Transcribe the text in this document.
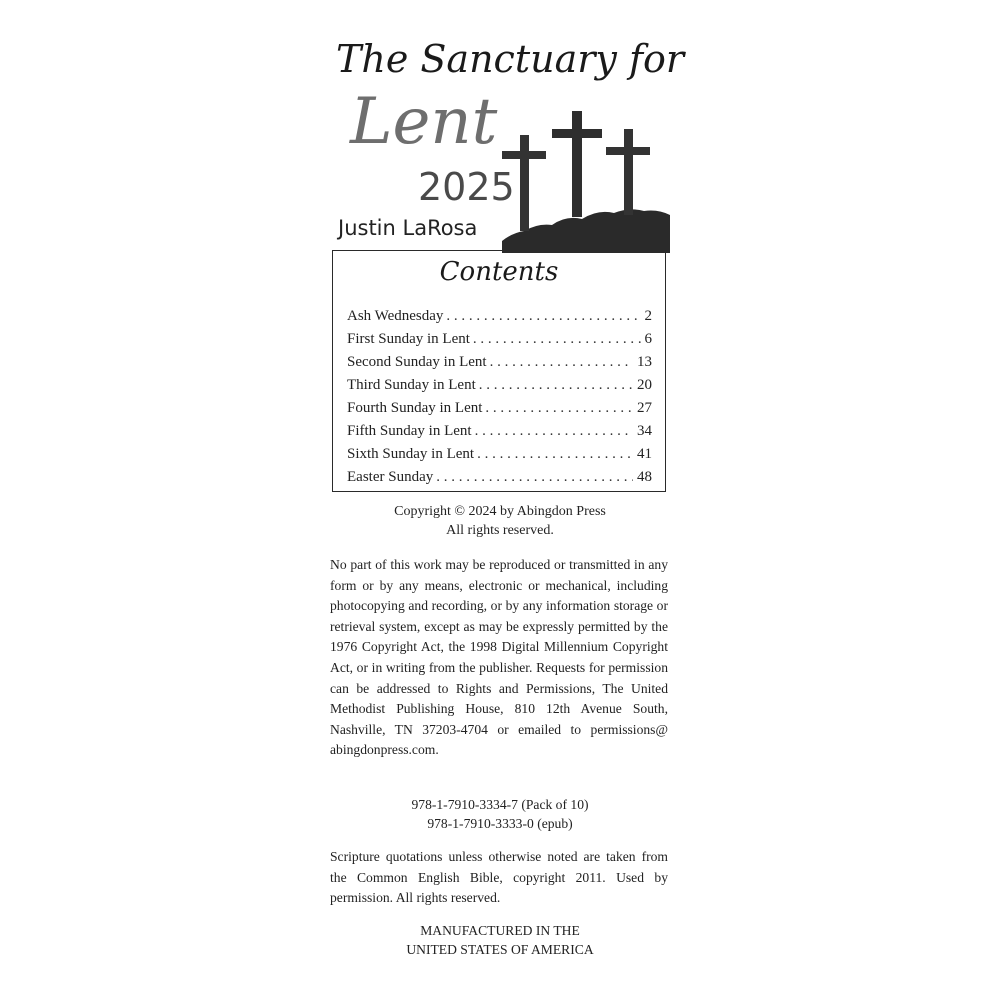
The Sanctuary for
Lent
2025
Justin LaRosa
Contents
Ash Wednesday . . .	2
First Sunday in Lent . . .	6
Second Sunday in Lent . . .	13
Third Sunday in Lent . . .	20
Fourth Sunday in Lent . . .	27
Fifth Sunday in Lent . . .	34
Sixth Sunday in Lent . . .	41
Easter Sunday . . .	48
Copyright © 2024 by Abingdon Press
All rights reserved.

No part of this work may be reproduced or transmitted in any form or by any means, electronic or mechanical, including photocopying and recording, or by any information storage or retrieval system, except as may be expressly permitted by the 1976 Copyright Act, the 1998 Digital Millennium Copyright Act, or in writing from the publisher. Requests for permission can be addressed to Rights and Permissions, The United Methodist Publishing House, 810 12th Avenue South, Nashville, TN 37203-4704 or emailed to permissions@ abingdonpress.com.

978-1-7910-3334-7 (Pack of 10)
978-1-7910-3333-0 (epub)

Scripture quotations unless otherwise noted are taken from the Common English Bible, copyright 2011. Used by permission. All rights reserved.

MANUFACTURED IN THE
UNITED STATES OF AMERICA
